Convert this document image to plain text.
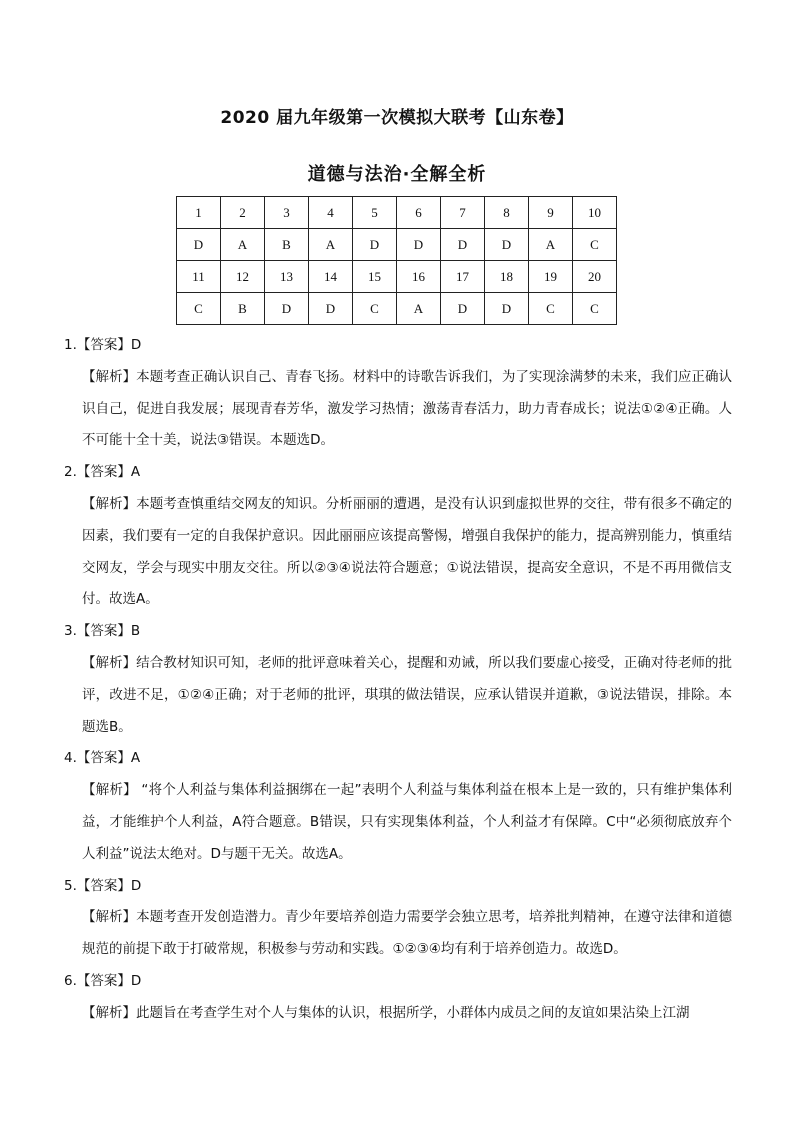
2020 届九年级第一次模拟大联考【山东卷】
道德与法治·全解全析
1	2	3	4	5	6	7	8	9	10
D	A	B	A	D	D	D	D	A	C
11	12	13	14	15	16	17	18	19	20
C	B	D	D	C	A	D	D	C	C

1.【答案】D

【解析】本题考查正确认识自己、青春飞扬。材料中的诗歌告诉我们，为了实现涂满梦的未来，我们应正确认识自己，促进自我发展；展现青春芳华，激发学习热情；激荡青春活力，助力青春成长；说法①②④正确。人不可能十全十美，说法③错误。本题选D。

2.【答案】A

【解析】本题考查慎重结交网友的知识。分析丽丽的遭遇，是没有认识到虚拟世界的交往，带有很多不确定的因素，我们要有一定的自我保护意识。因此丽丽应该提高警惕，增强自我保护的能力，提高辨别能力，慎重结交网友，学会与现实中朋友交往。所以②③④说法符合题意；①说法错误，提高安全意识，不是不再用微信支付。故选A。

3.【答案】B

【解析】结合教材知识可知，老师的批评意味着关心，提醒和劝诫，所以我们要虚心接受，正确对待老师的批评，改进不足，①②④正确；对于老师的批评，琪琪的做法错误，应承认错误并道歉，③说法错误，排除。本题选B。

4.【答案】A

【解析】 “将个人利益与集体利益捆绑在一起”表明个人利益与集体利益在根本上是一致的，只有维护集体利益，才能维护个人利益，A符合题意。B错误，只有实现集体利益，个人利益才有保障。C中“必须彻底放弃个人利益”说法太绝对。D与题干无关。故选A。

5.【答案】D

【解析】本题考查开发创造潜力。青少年要培养创造力需要学会独立思考，培养批判精神，在遵守法律和道德规范的前提下敢于打破常规，积极参与劳动和实践。①②③④均有利于培养创造力。故选D。

6.【答案】D

【解析】此题旨在考查学生对个人与集体的认识，根据所学，小群体内成员之间的友谊如果沾染上江湖
